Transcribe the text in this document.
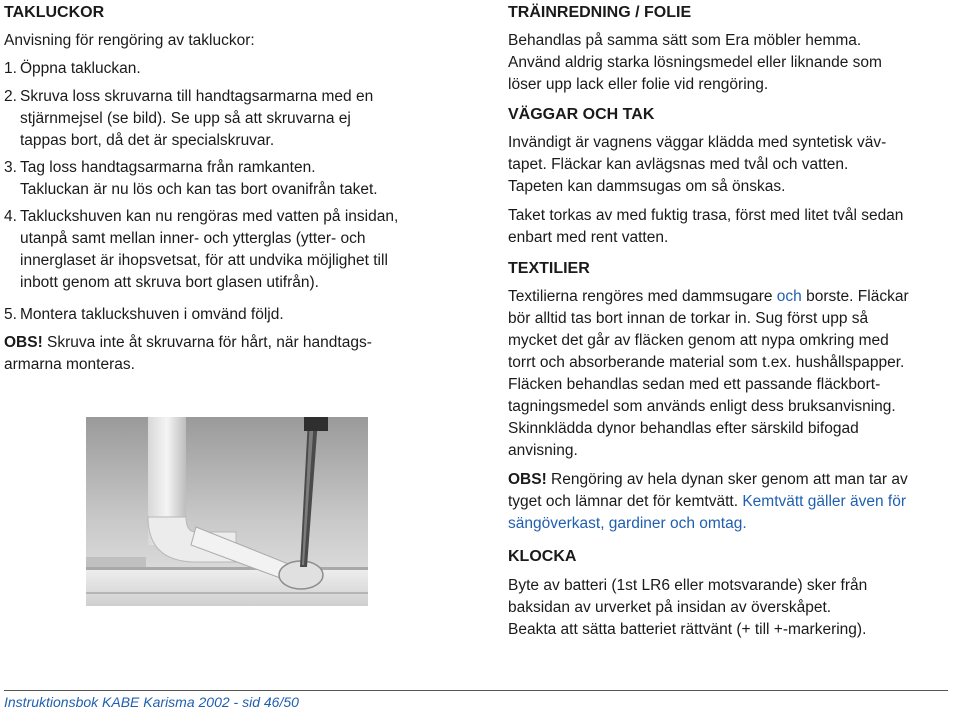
TAKLUCKOR
Anvisning för rengöring av takluckor:
1. Öppna takluckan.
2. Skruva loss skruvarna till handtagsarmarna med en
stjärnmejsel (se bild). Se upp så att skruvarna ej
tappas bort, då det är specialskruvar.
3. Tag loss handtagsarmarna från ramkanten.
Takluckan är nu lös och kan tas bort ovanifrån taket.
4. Takluckshuven kan nu rengöras med vatten på insidan,
utanpå samt mellan inner- och ytterglas (ytter- och
innerglaset är ihopsvetsat, för att undvika möjlighet till
inbott genom att skruva bort glasen utifrån).
5. Montera takluckshuven i omvänd följd.
OBS! Skruva inte åt skruvarna för hårt, när handtags-
armarna monteras.
TRÄINREDNING / FOLIE
Behandlas på samma sätt som Era möbler hemma.
Använd aldrig starka lösningsmedel eller liknande som
löser upp lack eller folie vid rengöring.
VÄGGAR OCH TAK
Invändigt är vagnens väggar klädda med syntetisk väv-
tapet. Fläckar kan avlägsnas med tvål och vatten.
Tapeten kan dammsugas om så önskas.
Taket torkas av med fuktig trasa, först med litet tvål sedan
enbart med rent vatten.
TEXTILIER
Textilierna rengöres med dammsugare och borste. Fläckar
bör alltid tas bort innan de torkar in. Sug först upp så
mycket det går av fläcken genom att nypa omkring med
torrt och absorberande material som t.ex. hushållspapper.
Fläcken behandlas sedan med ett passande fläckbort-
tagningsmedel som används enligt dess bruksanvisning.
Skinnklädda dynor behandlas efter särskild bifogad
anvisning.
OBS! Rengöring av hela dynan sker genom att man tar av
tyget och lämnar det för kemtvätt. Kemtvätt gäller även för
sängöverkast, gardiner och omtag.
KLOCKA
Byte av batteri (1st LR6 eller motsvarande) sker från
baksidan av urverket på insidan av överskåpet.
Beakta att sätta batteriet rättvänt (+ till +-markering).
Instruktionsbok KABE Karisma 2002 - sid 46/50
